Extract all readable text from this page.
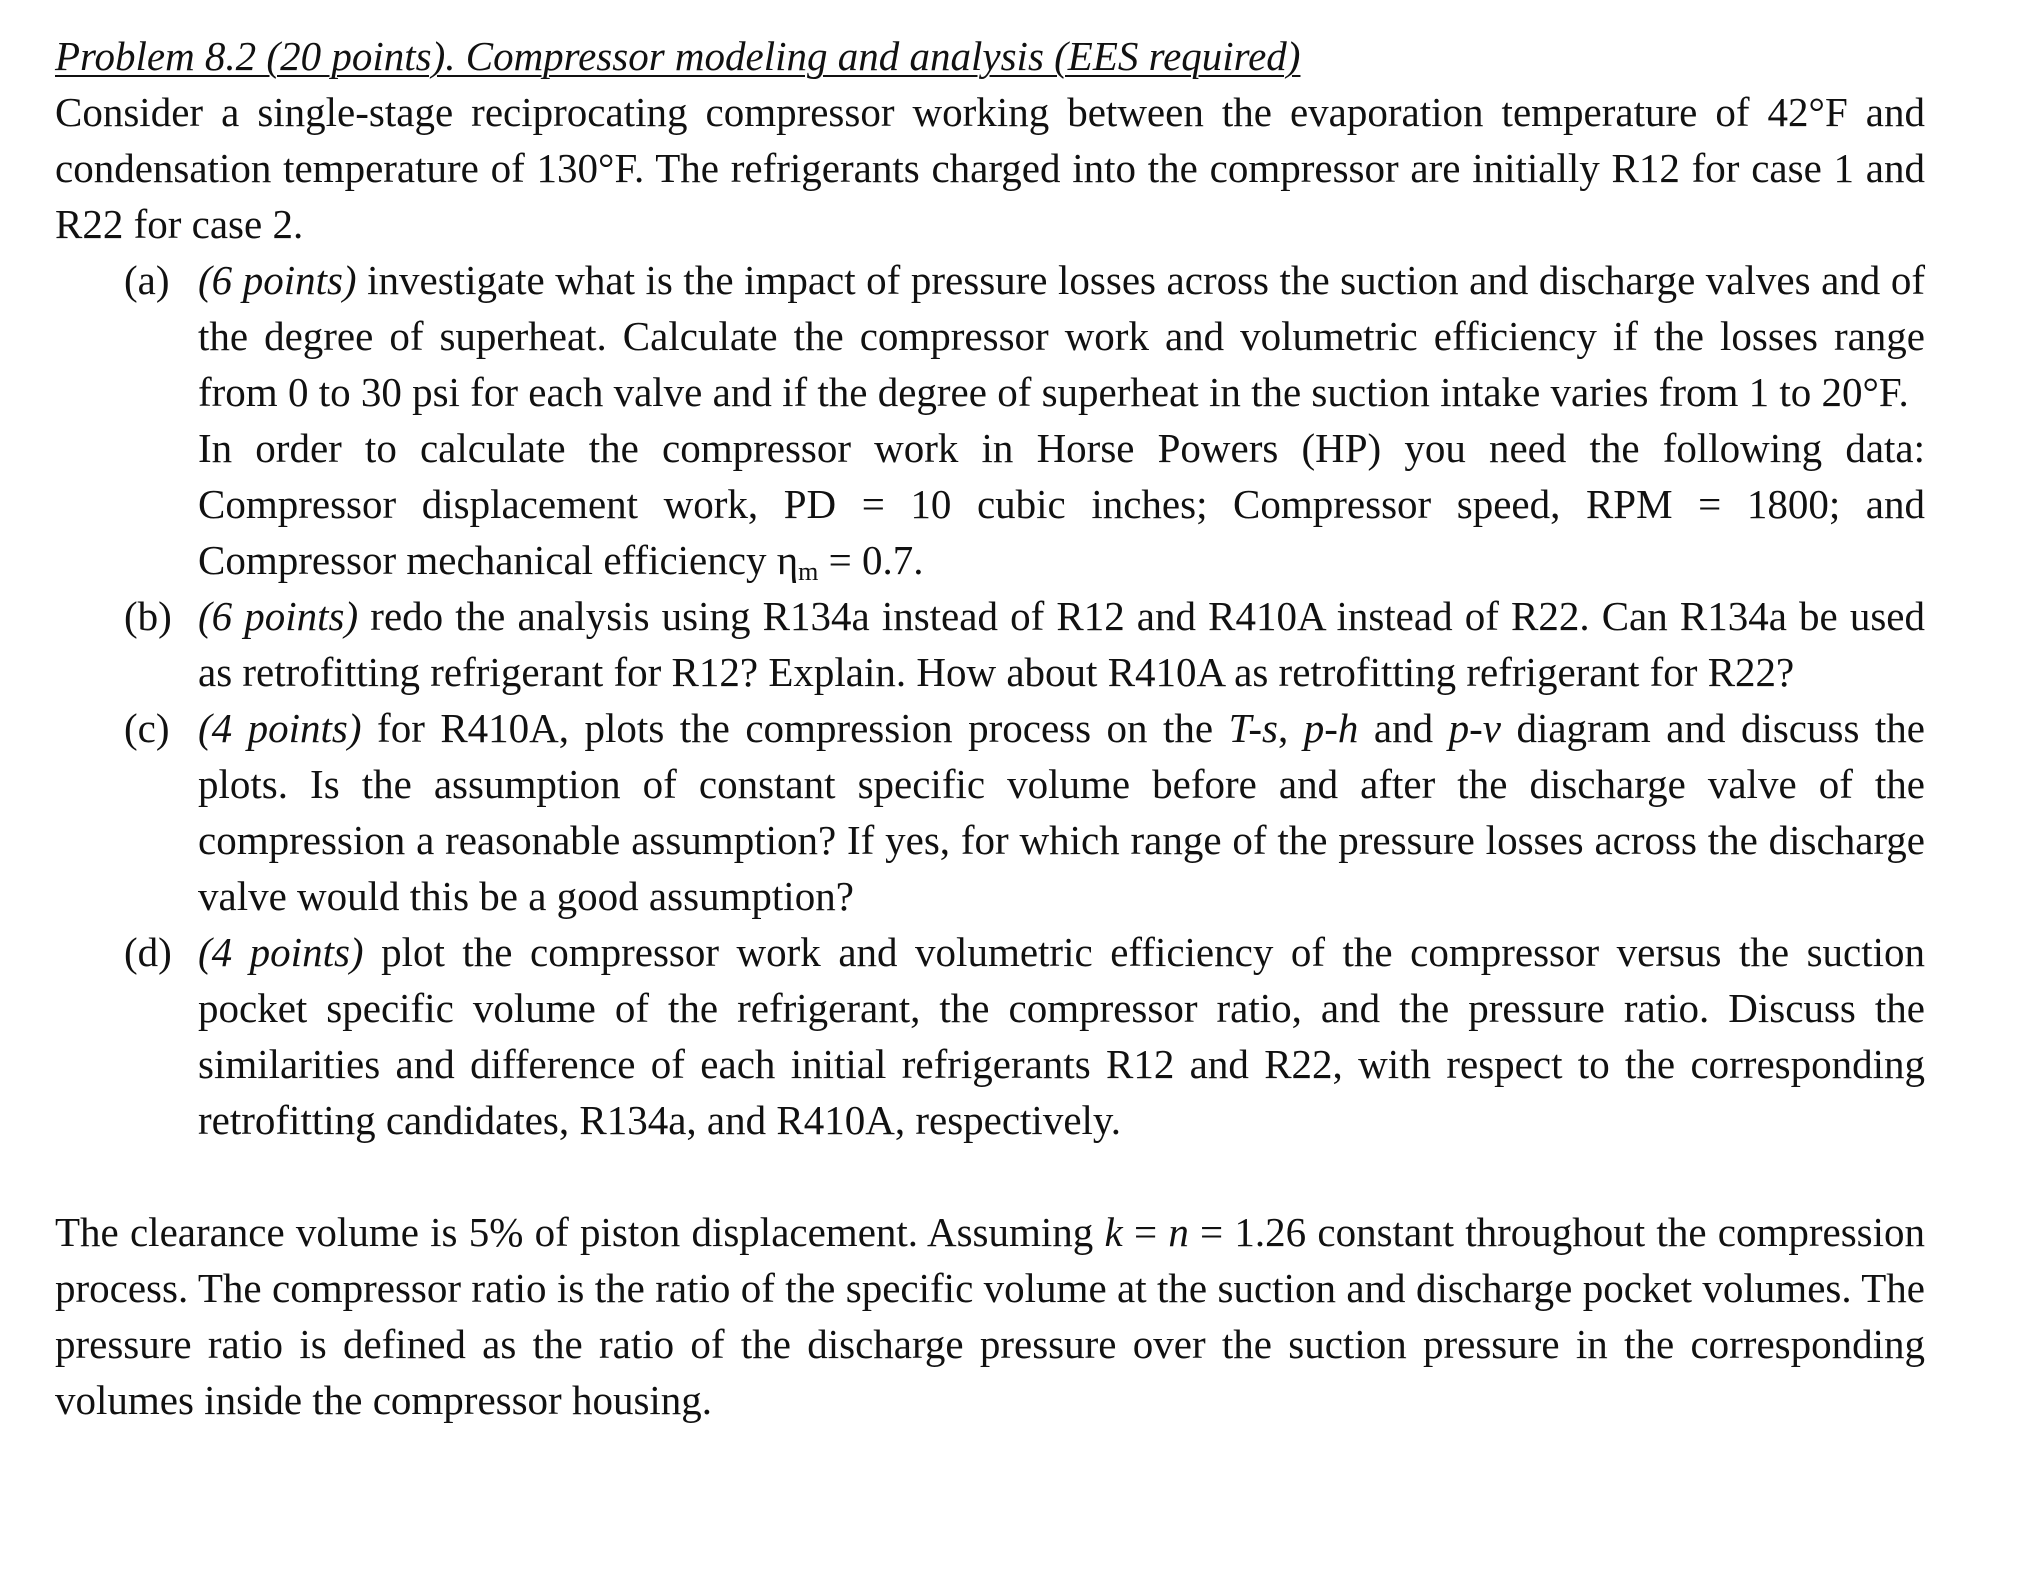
Problem 8.2 (20 points). Compressor modeling and analysis (EES required)

Consider a single-stage reciprocating compressor working between the evaporation temperature of 42°F and condensation temperature of 130°F. The refrigerants charged into the compressor are initially R12 for case 1 and R22 for case 2.

(a) (6 points) investigate what is the impact of pressure losses across the suction and discharge valves and of the degree of superheat. Calculate the compressor work and volumetric efficiency if the losses range from 0 to 30 psi for each valve and if the degree of superheat in the suction intake varies from 1 to 20°F.
In order to calculate the compressor work in Horse Powers (HP) you need the following data: Compressor displacement work, PD = 10 cubic inches; Compressor speed, RPM = 1800; and Compressor mechanical efficiency $\eta_m = 0.7$.
(b) (6 points) redo the analysis using R134a instead of R12 and R410A instead of R22. Can R134a be used as retrofitting refrigerant for R12? Explain. How about R410A as retrofitting refrigerant for R22?
(c) (4 points) for R410A, plots the compression process on the T-s, p-h and p-v diagram and discuss the plots. Is the assumption of constant specific volume before and after the discharge valve of the compression a reasonable assumption? If yes, for which range of the pressure losses across the discharge valve would this be a good assumption?
(d) (4 points) plot the compressor work and volumetric efficiency of the compressor versus the suction pocket specific volume of the refrigerant, the compressor ratio, and the pressure ratio. Discuss the similarities and difference of each initial refrigerants R12 and R22, with respect to the corresponding retrofitting candidates, R134a, and R410A, respectively.

The clearance volume is 5% of piston displacement. Assuming k = n = 1.26 constant throughout the compression process. The compressor ratio is the ratio of the specific volume at the suction and discharge pocket volumes. The pressure ratio is defined as the ratio of the discharge pressure over the suction pressure in the corresponding volumes inside the compressor housing.
